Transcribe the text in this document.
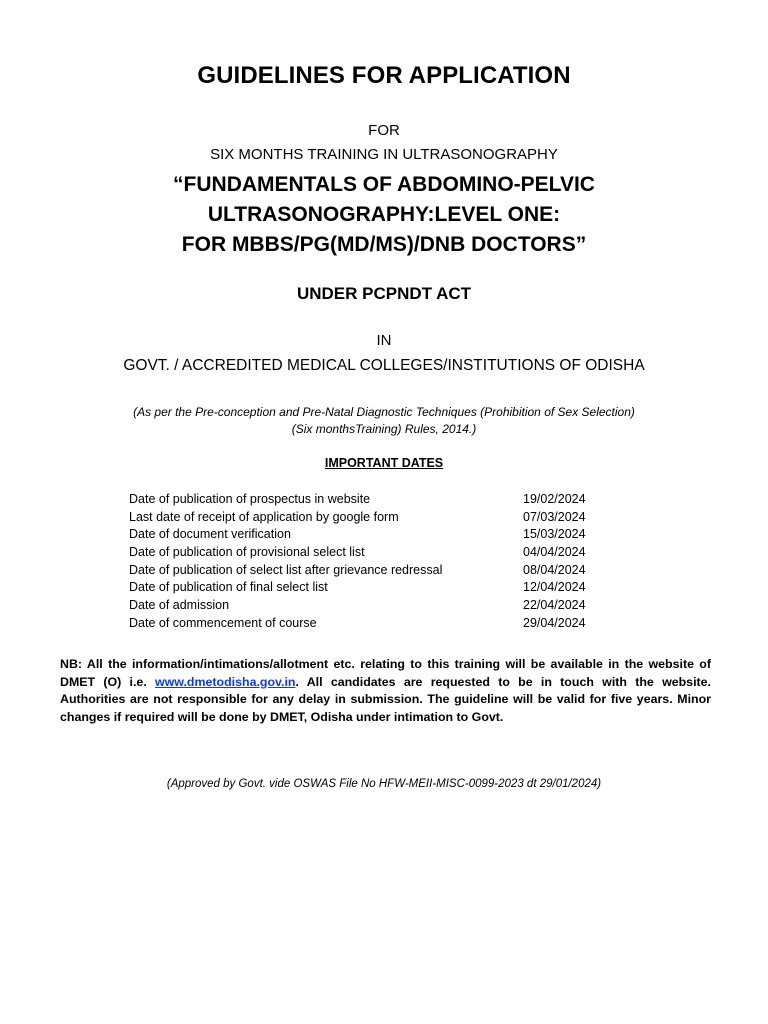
GUIDELINES FOR APPLICATION
FOR
SIX MONTHS TRAINING IN ULTRASONOGRAPHY
“FUNDAMENTALS OF ABDOMINO-PELVIC
ULTRASONOGRAPHY:LEVEL ONE:
FOR MBBS/PG(MD/MS)/DNB DOCTORS”
UNDER PCPNDT ACT
IN
GOVT. / ACCREDITED MEDICAL COLLEGES/INSTITUTIONS OF ODISHA
(As per the Pre-conception and Pre-Natal Diagnostic Techniques (Prohibition of Sex Selection)
(Six monthsTraining) Rules, 2014.)
IMPORTANT DATES
Date of publication of prospectus in website	19/02/2024
Last date of receipt of application by google form	07/03/2024
Date of document verification	15/03/2024
Date of publication of provisional select list	04/04/2024
Date of publication of select list after grievance redressal	08/04/2024
Date of publication of final select list	12/04/2024
Date of admission	22/04/2024
Date of commencement of course	29/04/2024
NB: All the information/intimations/allotment etc. relating to this training will be available in the website of DMET (O) i.e. www.dmetodisha.gov.in. All candidates are requested to be in touch with the website. Authorities are not responsible for any delay in submission. The guideline will be valid for five years. Minor changes if required will be done by DMET, Odisha under intimation to Govt.
(Approved by Govt. vide OSWAS File No HFW-MEII-MISC-0099-2023 dt 29/01/2024)
